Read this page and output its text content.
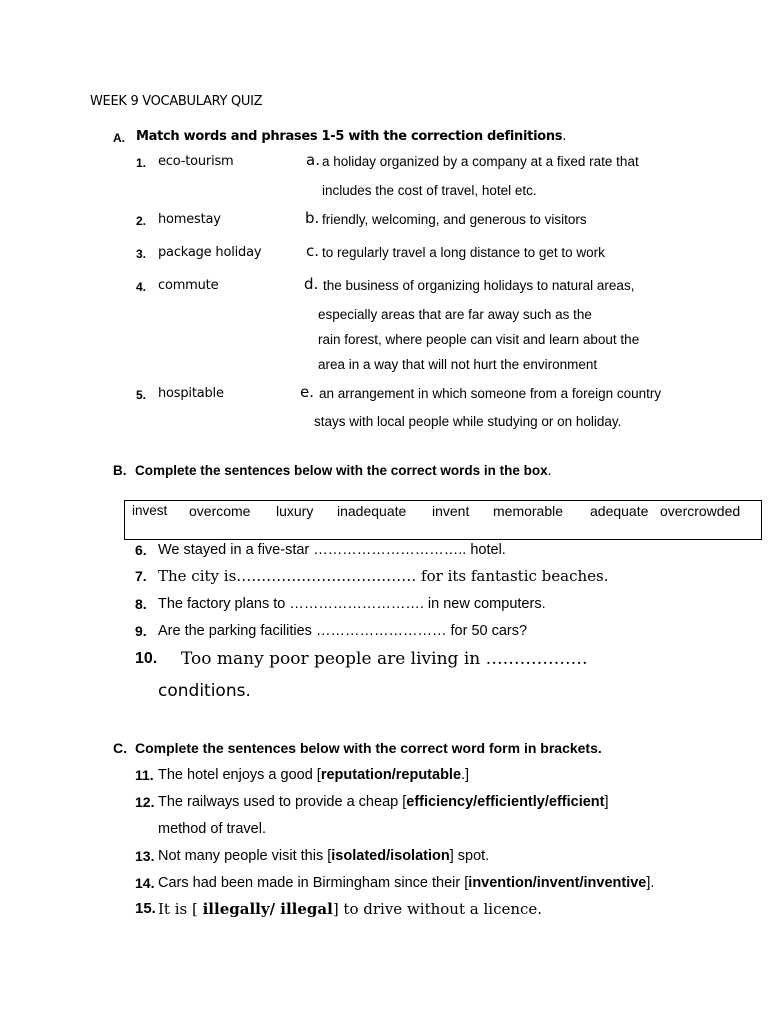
WEEK 9 VOCABULARY QUIZ
A. Match words and phrases 1-5 with the correction definitions.
1. eco-tourism
2. homestay
3. package holiday
4. commute
5. hospitable
a. a holiday organized by a company at a fixed rate that
includes the cost of travel, hotel etc.
b. friendly, welcoming, and generous to visitors
c. to regularly travel a long distance to get to work
d. the business of organizing holidays to natural areas,
especially areas that are far away such as the
rain forest, where people can visit and learn about the
area in a way that will not hurt the environment
e. an arrangement in which someone from a foreign country
stays with local people while studying or on holiday.
B. Complete the sentences below with the correct words in the box.
invest overcome luxury inadequate invent memorable adequate overcrowded
6. We stayed in a five-star ………………………….. hotel.
7. The city is……………………………… for its fantastic beaches.
8. The factory plans to ………………………. in new computers.
9. Are the parking facilities ……………………… for 50 cars?
10. Too many poor people are living in ………………
conditions.
C. Complete the sentences below with the correct word form in brackets.
11. The hotel enjoys a good [reputation/reputable.]
12. The railways used to provide a cheap [efficiency/efficiently/efficient]
method of travel.
13. Not many people visit this [isolated/isolation] spot.
14. Cars had been made in Birmingham since their [invention/invent/inventive].
15. It is [ illegally/ illegal] to drive without a licence.
